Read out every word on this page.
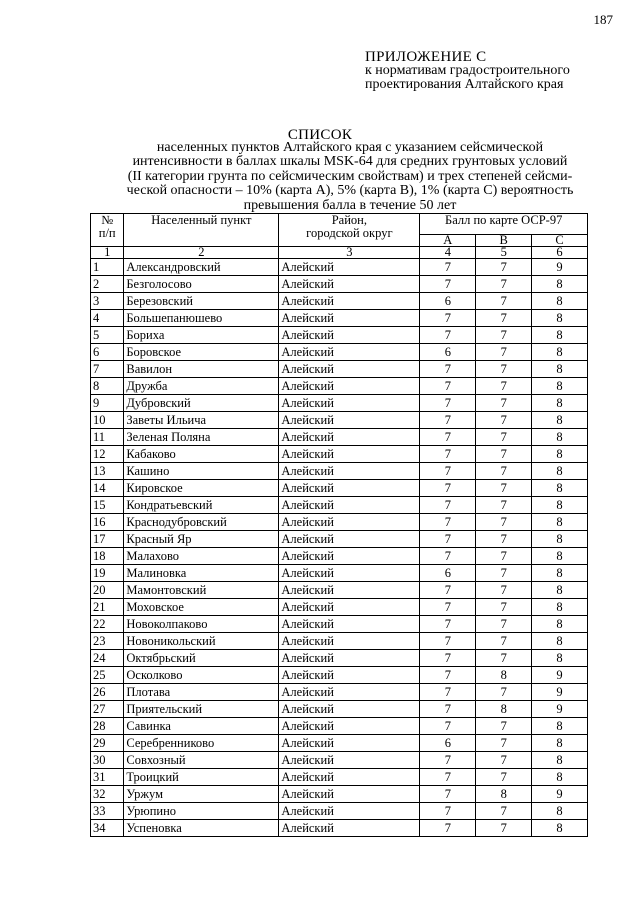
187
ПРИЛОЖЕНИЕ С
к нормативам градостроительного
проектирования Алтайского края
СПИСОК
населенных пунктов Алтайского края с указанием сейсмической
интенсивности в баллах шкалы MSK-64 для средних грунтовых условий
(II категории грунта по сейсмическим свойствам) и трех степеней сейсми-
ческой опасности – 10% (карта А), 5% (карта В), 1% (карта С) вероятность
превышения балла в течение 50 лет
№
п/п	Населенный пункт	Район,
городской округ	Балл по карте ОСР-97		
			А	В	С
1	2	3	4	5	6
1	Александровский	Алейский	7	7	9
2	Безголосово	Алейский	7	7	8
3	Березовский	Алейский	6	7	8
4	Большепанюшево	Алейский	7	7	8
5	Бориха	Алейский	7	7	8
6	Боровское	Алейский	6	7	8
7	Вавилон	Алейский	7	7	8
8	Дружба	Алейский	7	7	8
9	Дубровский	Алейский	7	7	8
10	Заветы Ильича	Алейский	7	7	8
11	Зеленая Поляна	Алейский	7	7	8
12	Кабаково	Алейский	7	7	8
13	Кашино	Алейский	7	7	8
14	Кировское	Алейский	7	7	8
15	Кондратьевский	Алейский	7	7	8
16	Краснодубровский	Алейский	7	7	8
17	Красный Яр	Алейский	7	7	8
18	Малахово	Алейский	7	7	8
19	Малиновка	Алейский	6	7	8
20	Мамонтовский	Алейский	7	7	8
21	Моховское	Алейский	7	7	8
22	Новоколпаково	Алейский	7	7	8
23	Новоникольский	Алейский	7	7	8
24	Октябрьский	Алейский	7	7	8
25	Осколково	Алейский	7	8	9
26	Плотава	Алейский	7	7	9
27	Приятельский	Алейский	7	8	9
28	Савинка	Алейский	7	7	8
29	Серебренниково	Алейский	6	7	8
30	Совхозный	Алейский	7	7	8
31	Троицкий	Алейский	7	7	8
32	Уржум	Алейский	7	8	9
33	Урюпино	Алейский	7	7	8
34	Успеновка	Алейский	7	7	8
